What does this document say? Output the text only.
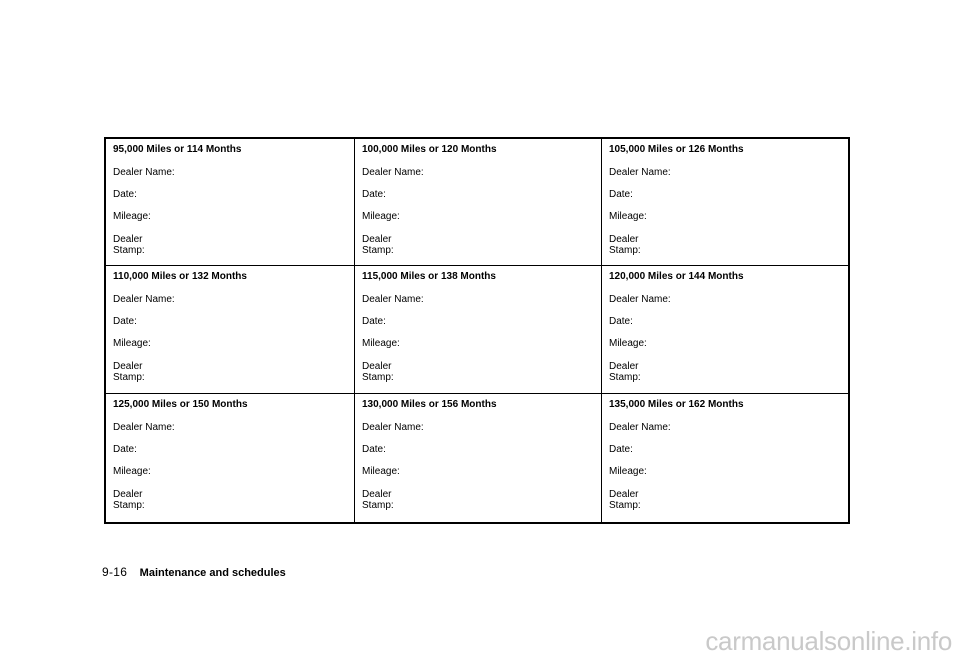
95,000 Miles or 114 Months
Dealer Name:
Date:
Mileage:
Dealer
Stamp:
100,000 Miles or 120 Months
Dealer Name:
Date:
Mileage:
Dealer
Stamp:
105,000 Miles or 126 Months
Dealer Name:
Date:
Mileage:
Dealer
Stamp:
110,000 Miles or 132 Months
Dealer Name:
Date:
Mileage:
Dealer
Stamp:
115,000 Miles or 138 Months
Dealer Name:
Date:
Mileage:
Dealer
Stamp:
120,000 Miles or 144 Months
Dealer Name:
Date:
Mileage:
Dealer
Stamp:
125,000 Miles or 150 Months
Dealer Name:
Date:
Mileage:
Dealer
Stamp:
130,000 Miles or 156 Months
Dealer Name:
Date:
Mileage:
Dealer
Stamp:
135,000 Miles or 162 Months
Dealer Name:
Date:
Mileage:
Dealer
Stamp:
9-16 Maintenance and schedules
carmanualsonline.info
